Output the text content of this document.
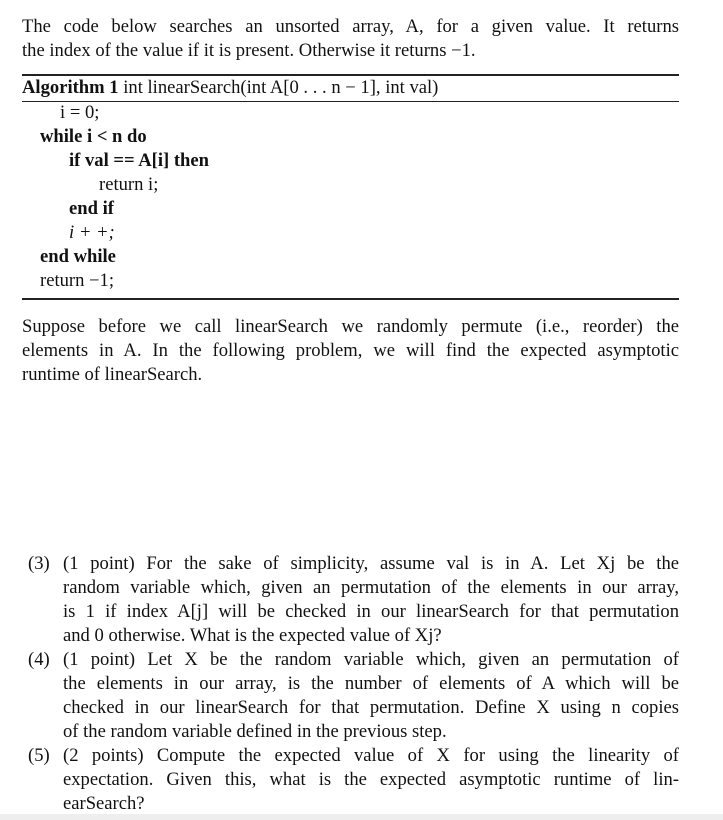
The code below searches an unsorted array, A, for a given value. It returns
the index of the value if it is present. Otherwise it returns −1.
Algorithm 1 int linearSearch(int A[0 . . . n − 1], int val)
i = 0;
while i < n do
if val == A[i] then
return i;
end if
i + +;
end while
return −1;
Suppose before we call linearSearch we randomly permute (i.e., reorder) the
elements in A. In the following problem, we will find the expected asymptotic
runtime of linearSearch.
(3) (1 point) For the sake of simplicity, assume val is in A. Let Xj be the
random variable which, given an permutation of the elements in our array,
is 1 if index A[j] will be checked in our linearSearch for that permutation
and 0 otherwise. What is the expected value of Xj?
(4) (1 point) Let X be the random variable which, given an permutation of
the elements in our array, is the number of elements of A which will be
checked in our linearSearch for that permutation. Define X using n copies
of the random variable defined in the previous step.
(5) (2 points) Compute the expected value of X for using the linearity of
expectation. Given this, what is the expected asymptotic runtime of lin-
earSearch?
